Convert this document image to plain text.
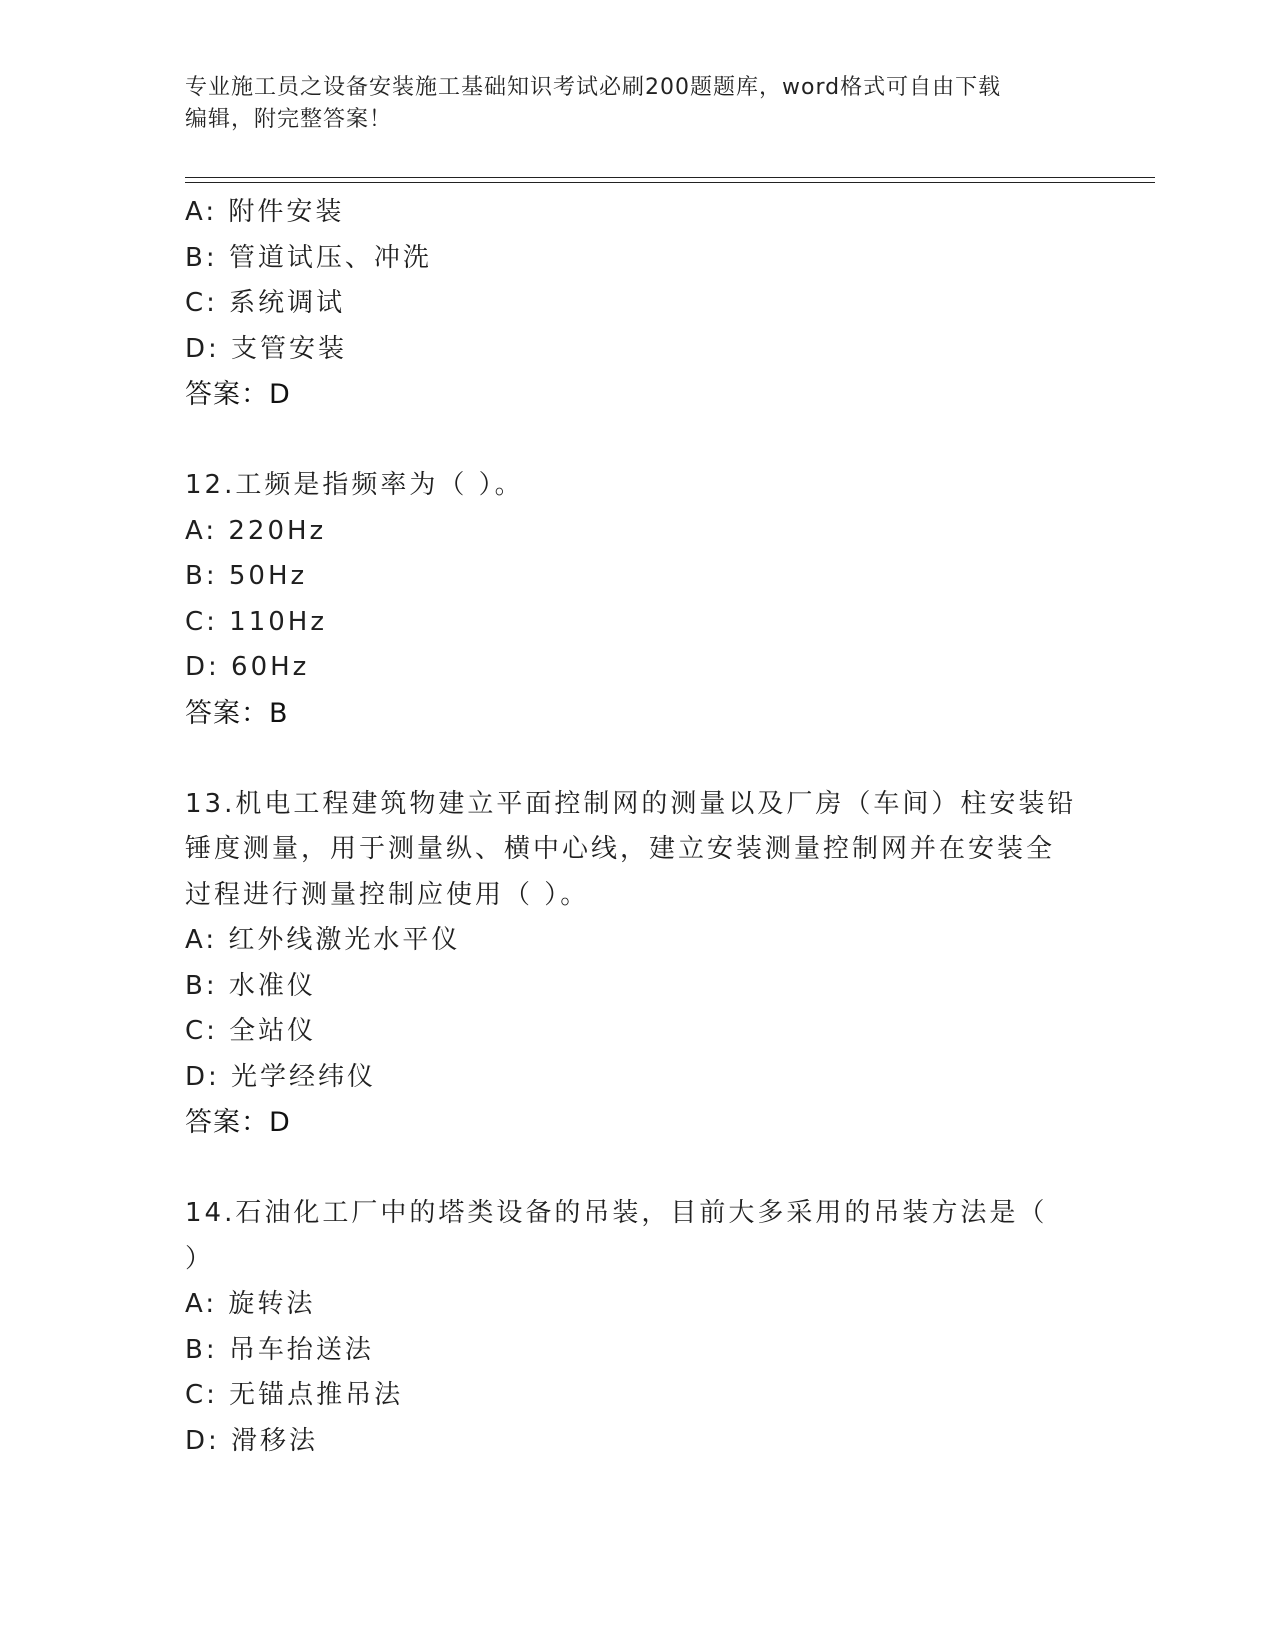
专业施工员之设备安装施工基础知识考试必刷200题题库，word格式可自由下载
编辑，附完整答案！
A: 附件安装
B: 管道试压、冲洗
C: 系统调试
D: 支管安装
答案：D
12.工频是指频率为（ ）。
A: 220Hz
B: 50Hz
C: 110Hz
D: 60Hz
答案：B
13.机电工程建筑物建立平面控制网的测量以及厂房（车间）柱安装铅
锤度测量，用于测量纵、横中心线，建立安装测量控制网并在安装全
过程进行测量控制应使用（ ）。
A: 红外线激光水平仪
B: 水准仪
C: 全站仪
D: 光学经纬仪
答案：D
14.石油化工厂中的塔类设备的吊装，目前大多采用的吊装方法是（
）
A: 旋转法
B: 吊车抬送法
C: 无锚点推吊法
D: 滑移法
